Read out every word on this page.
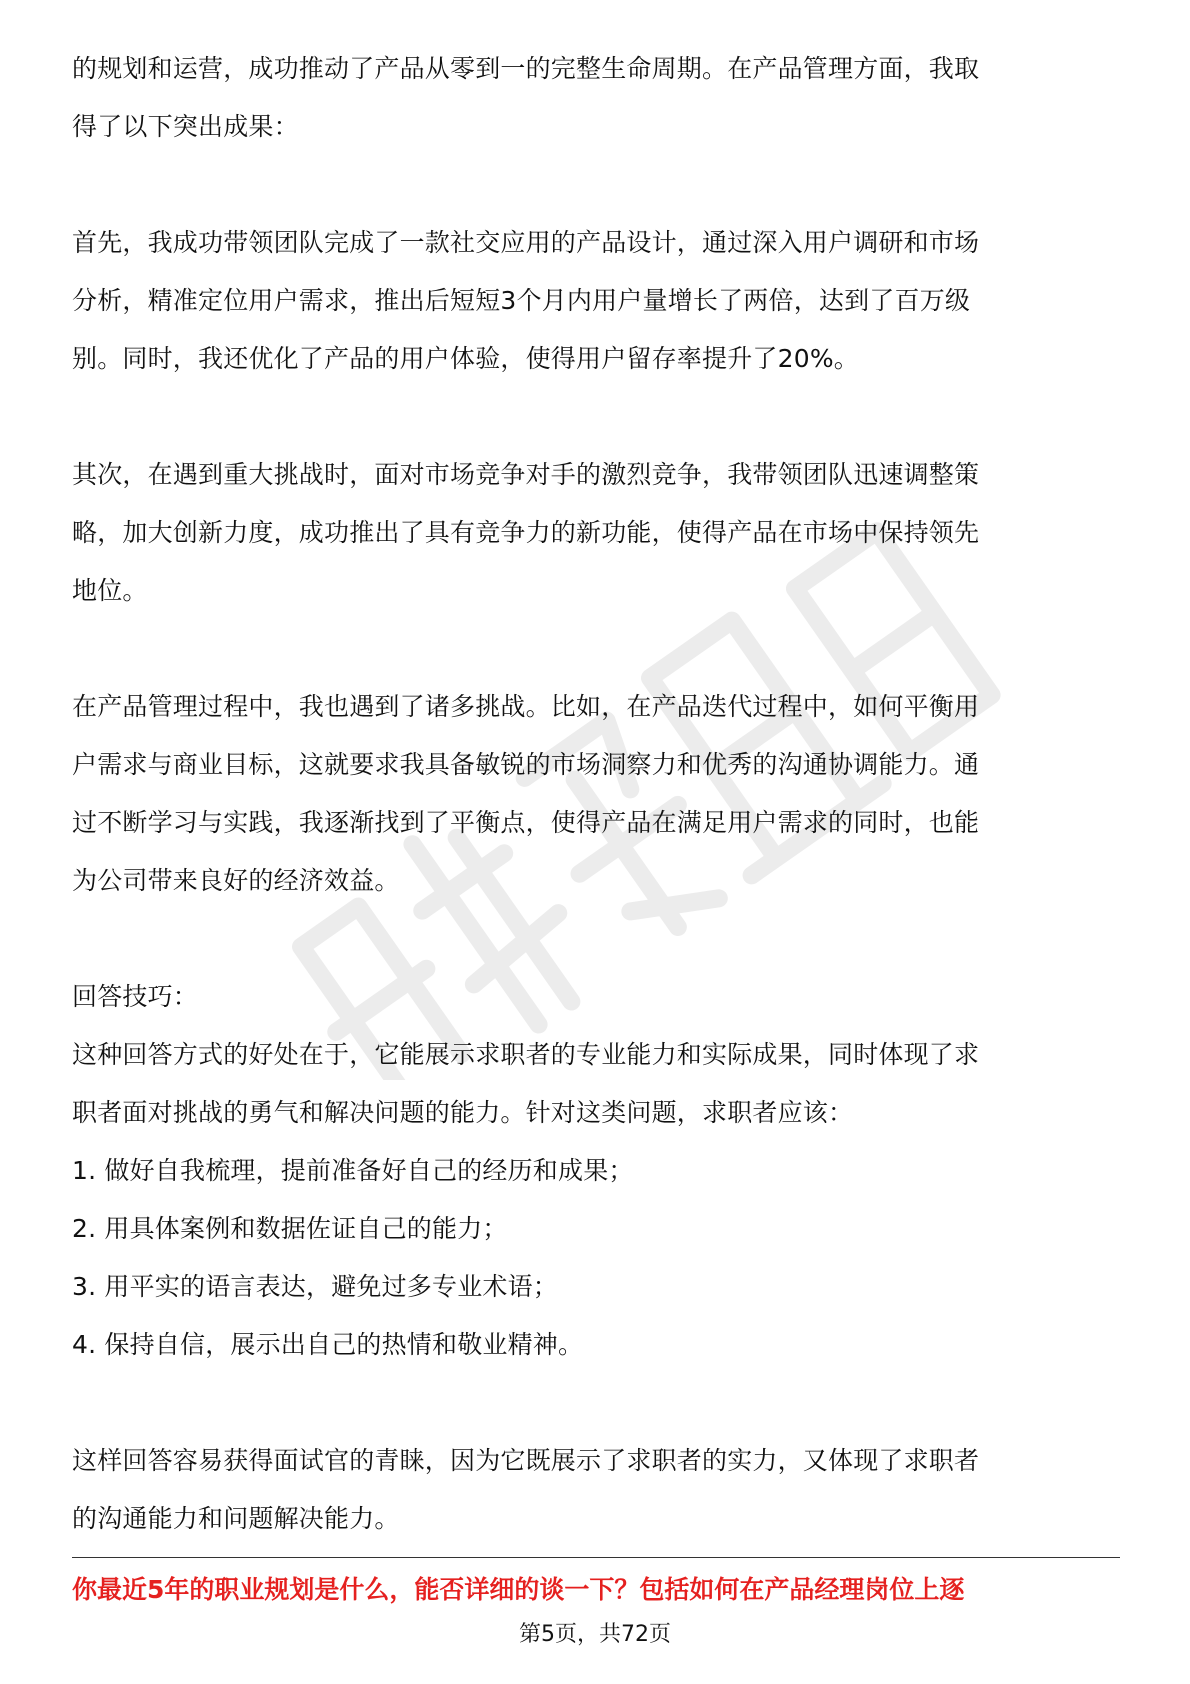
的规划和运营，成功推动了产品从零到一的完整生命周期。在产品管理方面，我取

得了以下突出成果：

首先，我成功带领团队完成了一款社交应用的产品设计，通过深入用户调研和市场

分析，精准定位用户需求，推出后短短3个月内用户量增长了两倍，达到了百万级

别。同时，我还优化了产品的用户体验，使得用户留存率提升了20%。

其次，在遇到重大挑战时，面对市场竞争对手的激烈竞争，我带领团队迅速调整策

略，加大创新力度，成功推出了具有竞争力的新功能，使得产品在市场中保持领先

地位。

在产品管理过程中，我也遇到了诸多挑战。比如，在产品迭代过程中，如何平衡用

户需求与商业目标，这就要求我具备敏锐的市场洞察力和优秀的沟通协调能力。通

过不断学习与实践，我逐渐找到了平衡点，使得产品在满足用户需求的同时，也能

为公司带来良好的经济效益。

回答技巧：

这种回答方式的好处在于，它能展示求职者的专业能力和实际成果，同时体现了求

职者面对挑战的勇气和解决问题的能力。针对这类问题，求职者应该：

1. 做好自我梳理，提前准备好自己的经历和成果；

2. 用具体案例和数据佐证自己的能力；

3. 用平实的语言表达，避免过多专业术语；

4. 保持自信，展示出自己的热情和敬业精神。

这样回答容易获得面试官的青睐，因为它既展示了求职者的实力，又体现了求职者

的沟通能力和问题解决能力。

你最近5年的职业规划是什么，能否详细的谈一下？包括如何在产品经理岗位上逐
第5页，共72页
